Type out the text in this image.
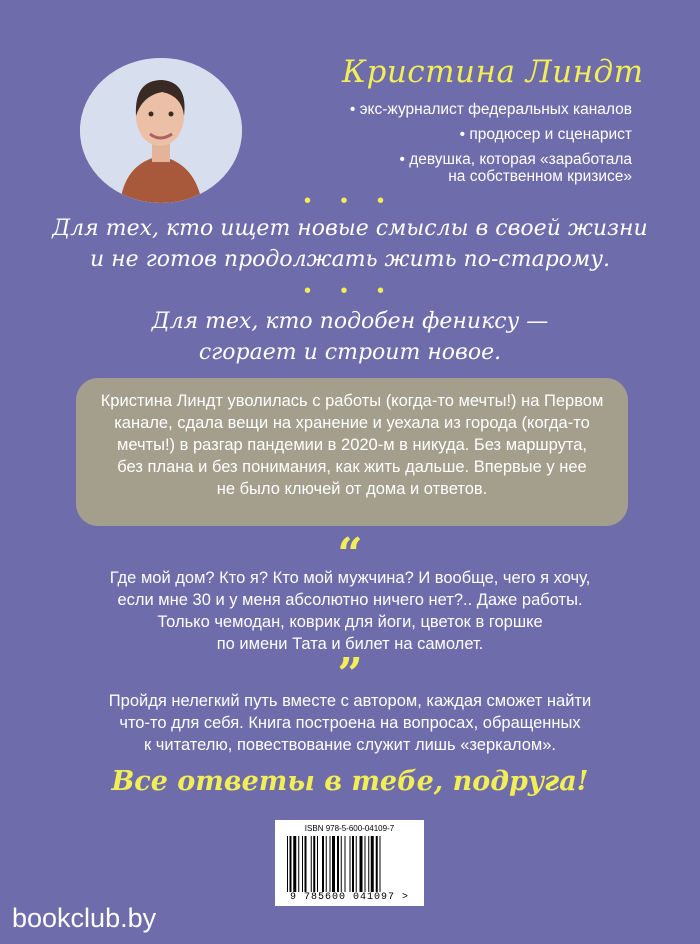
Кристина Линдт
• экс-журналист федеральных каналов
• продюсер и сценарист
• девушка, которая «заработала
на собственном кризисе»
• • •
Для тех, кто ищет новые смыслы в своей жизни
и не готов продолжать жить по-старому.
• • •
Для тех, кто подобен фениксу —
сгорает и строит новое.
Кристина Линдт уволилась с работы (когда-то мечты!) на Первом
канале, сдала вещи на хранение и уехала из города (когда-то
мечты!) в разгар пандемии в 2020-м в никуда. Без маршрута,
без плана и без понимания, как жить дальше. Впервые у нее
не было ключей от дома и ответов.
“
Где мой дом? Кто я? Кто мой мужчина? И вообще, чего я хочу,
если мне 30 и у меня абсолютно ничего нет?.. Даже работы.
Только чемодан, коврик для йоги, цветок в горшке
по имени Тата и билет на самолет.
”
Пройдя нелегкий путь вместе с автором, каждая сможет найти
что-то для себя. Книга построена на вопросах, обращенных
к читателю, повествование служит лишь «зеркалом».
Все ответы в тебе, подруга!
ISBN 978-5-600-04109-7
9 785600 041097 >
bookclub.by
